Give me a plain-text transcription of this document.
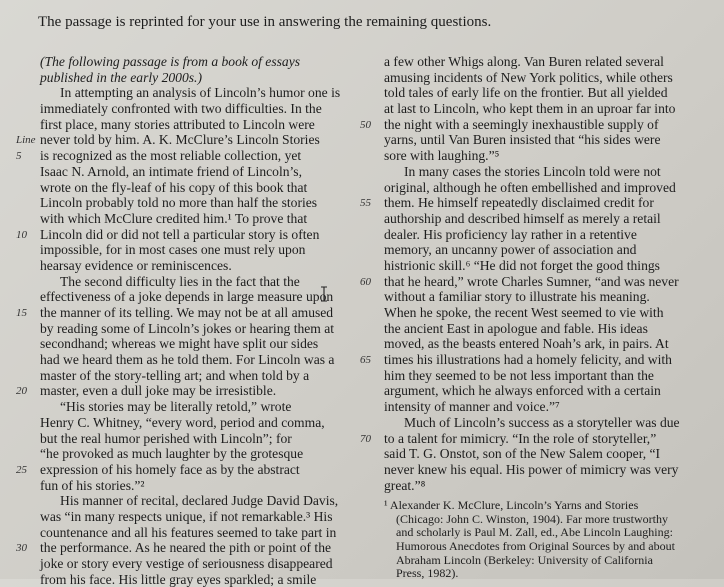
The passage is reprinted for your use in answering the remaining questions.
(The following passage is from a book of essays
published in the early 2000s.)
In attempting an analysis of Lincoln’s humor one is
immediately confronted with two difficulties. In the
first place, many stories attributed to Lincoln were
Line never told by him. A. K. McClure’s Lincoln Stories
5 is recognized as the most reliable collection, yet
Isaac N. Arnold, an intimate friend of Lincoln’s,
wrote on the fly-leaf of his copy of this book that
Lincoln probably told no more than half the stories
with which McClure credited him.¹ To prove that
10 Lincoln did or did not tell a particular story is often
impossible, for in most cases one must rely upon
hearsay evidence or reminiscences.
The second difficulty lies in the fact that the
effectiveness of a joke depends in large measure upon
15 the manner of its telling. We may not be at all amused
by reading some of Lincoln’s jokes or hearing them at
secondhand; whereas we might have split our sides
had we heard them as he told them. For Lincoln was a
master of the story-telling art; and when told by a
20 master, even a dull joke may be irresistible.
“His stories may be literally retold,” wrote
Henry C. Whitney, “every word, period and comma,
but the real humor perished with Lincoln”; for
“he provoked as much laughter by the grotesque
25 expression of his homely face as by the abstract
fun of his stories.”²
His manner of recital, declared Judge David Davis,
was “in many respects unique, if not remarkable.³ His
countenance and all his features seemed to take part in
30 the performance. As he neared the pith or point of the
joke or story every vestige of seriousness disappeared
from his face. His little gray eyes sparkled; a smile
a few other Whigs along. Van Buren related several
amusing incidents of New York politics, while others
told tales of early life on the frontier. But all yielded
at last to Lincoln, who kept them in an uproar far into
50 the night with a seemingly inexhaustible supply of
yarns, until Van Buren insisted that “his sides were
sore with laughing.”⁵
In many cases the stories Lincoln told were not
original, although he often embellished and improved
55 them. He himself repeatedly disclaimed credit for
authorship and described himself as merely a retail
dealer. His proficiency lay rather in a retentive
memory, an uncanny power of association and
histrionic skill.⁶ “He did not forget the good things
60 that he heard,” wrote Charles Sumner, “and was never
without a familiar story to illustrate his meaning.
When he spoke, the recent West seemed to vie with
the ancient East in apologue and fable. His ideas
moved, as the beasts entered Noah’s ark, in pairs. At
65 times his illustrations had a homely felicity, and with
him they seemed to be not less important than the
argument, which he always enforced with a certain
intensity of manner and voice.”⁷
Much of Lincoln’s success as a storyteller was due
70 to a talent for mimicry. “In the role of storyteller,”
said T. G. Onstot, son of the New Salem cooper, “I
never knew his equal. His power of mimicry was very
great.”⁸
¹ Alexander K. McClure, Lincoln’s Yarns and Stories
(Chicago: John C. Winston, 1904). Far more trustworthy
and scholarly is Paul M. Zall, ed., Abe Lincoln Laughing:
Humorous Anecdotes from Original Sources by and about
Abraham Lincoln (Berkeley: University of California
Press, 1982).
